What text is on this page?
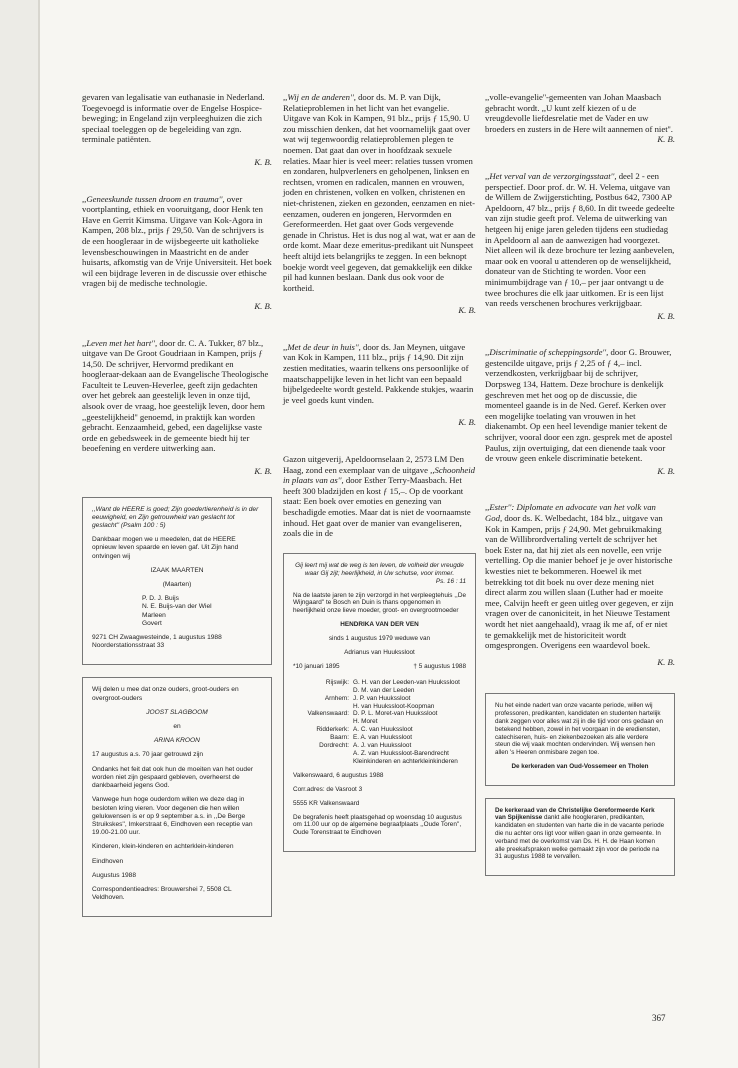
gevaren van legalisatie van euthanasie in Nederland. Toegevoegd is informatie over de Engelse Hospice-beweging; in Engeland zijn verpleeghuizen die zich speciaal toeleggen op de begeleiding van zgn. terminale patiënten.

K. B.

,,Geneeskunde tussen droom en trauma'', over voortplanting, ethiek en vooruitgang, door Henk ten Have en Gerrit Kimsma. Uitgave van Kok-Agora in Kampen, 208 blz., prijs ƒ 29,50. Van de schrijvers is de een hoogleraar in de wijsbegeerte uit katholieke levensbeschouwingen in Maastricht en de ander huisarts, afkomstig van de Vrije Universiteit. Het boek wil een bijdrage leveren in de discussie over ethische vragen bij de medische technologie.

K. B.

,,Leven met het hart'', door dr. C. A. Tukker, 87 blz., uitgave van De Groot Goudriaan in Kampen, prijs ƒ 14,50. De schrijver, Hervormd predikant en hoogleraar-dekaan aan de Evangelische Theologische Faculteit te Leuven-Heverlee, geeft zijn gedachten over het gebrek aan geestelijk leven in onze tijd, alsook over de vraag, hoe geestelijk leven, door hem ,,geestelijkheid'' genoemd, in praktijk kan worden gebracht. Eenzaamheid, gebed, een dagelijkse vaste orde en gebedsweek in de gemeente biedt hij ter beoefening en verdere uitwerking aan.

K. B.

,,Want de HEERE is goed; Zijn goedertierenheid is in der eeuwigheid, en Zijn getrouwheid van geslacht tot geslacht'' (Psalm 100 : 5)

Dankbaar mogen we u meedelen, dat de HEERE opnieuw leven spaarde en leven gaf. Uit Zijn hand ontvingen wij

IZAAK MAARTEN

(Maarten)

P. D. J. Buijs
N. E. Buijs-van der Wiel
Marleen
Govert

9271 CH Zwaagwesteinde, 1 augustus 1988 Noorderstationsstraat 33

Wij delen u mee dat onze ouders, groot-ouders en overgroot-ouders

JOOST SLAGBOOM

en

ARINA KROON

17 augustus a.s. 70 jaar getrouwd zijn

Ondanks het feit dat ook hun de moeiten van het ouder worden niet zijn gespaard gebleven, overheerst de dankbaarheid jegens God.

Vanwege hun hoge ouderdom willen we deze dag in besloten kring vieren. Voor degenen die hen willen gelukwensen is er op 9 september a.s. in ,,De Berge Struikskes'', Imkerstraat 6, Eindhoven een receptie van 19.00-21.00 uur.

Kinderen, klein-kinderen en achterklein-kinderen

Eindhoven

Augustus 1988

Correspondentieadres: Brouwershei 7, 5508 CL Veldhoven.

,,Wij en de anderen'', door ds. M. P. van Dijk, Relatieproblemen in het licht van het evangelie. Uitgave van Kok in Kampen, 91 blz., prijs ƒ 15,90. U zou misschien denken, dat het voornamelijk gaat over wat wij tegenwoordig relatieproblemen plegen te noemen. Dat gaat dan over in hoofdzaak sexuele relaties. Maar hier is veel meer: relaties tussen vromen en zondaren, hulpverleners en geholpenen, linksen en rechtsen, vromen en radicalen, mannen en vrouwen, joden en christenen, volken en volken, christenen en niet-christenen, zieken en gezonden, eenzamen en niet-eenzamen, ouderen en jongeren, Hervormden en Gereformeerden. Het gaat over Gods vergevende genade in Christus. Het is dus nog al wat, wat er aan de orde komt. Maar deze emeritus-predikant uit Nunspeet heeft altijd iets belangrijks te zeggen. In een beknopt boekje wordt veel gegeven, dat gemakkelijk een dikke pil had kunnen beslaan. Dank dus ook voor de kortheid.

K. B.

,,Met de deur in huis'', door ds. Jan Meynen, uitgave van Kok in Kampen, 111 blz., prijs ƒ 14,90. Dit zijn zestien meditaties, waarin telkens ons persoonlijke of maatschappelijke leven in het licht van een bepaald bijbelgedeelte wordt gesteld. Pakkende stukjes, waarin je veel goeds kunt vinden.

K. B.

Gazon uitgeverij, Apeldoornselaan 2, 2573 LM Den Haag, zond een exemplaar van de uitgave ,,Schoonheid in plaats van as'', door Esther Terry-Maasbach. Het heeft 300 bladzijden en kost ƒ 15,–. Op de voorkant staat: Een boek over emoties en genezing van beschadigde emoties. Maar dat is niet de voornaamste inhoud. Het gaat over de manier van evangeliseren, zoals die in de

Gij leert mij wat de weg is ten leven, de volheid der vreugde waar Gij zijt; heerlijkheid, in Uw schutse, voor immer.

Ps. 16 : 11

Na de laatste jaren te zijn verzorgd in het verpleegtehuis ,,De Wijngaard'' te Bosch en Duin is thans opgenomen in heerlijkheid onze lieve moeder, groot- en overgrootmoeder

HENDRIKA VAN DER VEN

sinds 1 augustus 1979 weduwe van

Adrianus van Huukssloot

*10 januari 1895	† 5 augustus 1988
Rijswijk: G. H. van der Leeden-van Huukssloot
D. M. van der Leeden
Arnhem: J. P. van Huukssloot
H. van Huukssloot-Koopman
Valkenswaard: D. P. L. Moret-van Huukssloot
H. Moret
Ridderkerk: A. C. van Huukssloot
Baarn: E. A. van Huukssloot
Dordrecht: A. J. van Huukssloot
A. Z. van Huukssloot-Barendrecht
Kleinkinderen en achterkleinkinderen

Valkenswaard, 6 augustus 1988

Corr.adres: de Vasroot 3

5555 KR Valkenswaard

De begrafenis heeft plaatsgehad op woensdag 10 augustus om 11.00 uur op de algemene begraafplaats ,,Oude Toren'', Oude Torenstraat te Eindhoven

,,volle-evangelie''-gemeenten van Johan Maasbach gebracht wordt. ,,U kunt zelf kiezen of u de vreugdevolle liefdesrelatie met de Vader en uw broeders en zusters in de Here wilt aannemen of niet''.

K. B.

,,Het verval van de verzorgingsstaat'', deel 2 - een perspectief. Door prof. dr. W. H. Velema, uitgave van de Willem de Zwijgerstichting, Postbus 642, 7300 AP Apeldoorn, 47 blz., prijs ƒ 8,60. In dit tweede gedeelte van zijn studie geeft prof. Velema de uitwerking van hetgeen hij enige jaren geleden tijdens een studiedag in Apeldoorn al aan de aanwezigen had voorgezet. Niet alleen wil ik deze brochure ter lezing aanbevelen, maar ook en vooral u attenderen op de wenselijkheid, donateur van de Stichting te worden. Voor een minimumbijdrage van ƒ 10,– per jaar ontvangt u de twee brochures die elk jaar uitkomen. Er is een lijst van reeds verschenen brochures verkrijgbaar.

K. B.

,,Discriminatie of scheppingsorde'', door G. Brouwer, gestencilde uitgave, prijs ƒ 2,25 of ƒ 4,– incl. verzendkosten, verkrijgbaar bij de schrijver, Dorpsweg 134, Hattem. Deze brochure is denkelijk geschreven met het oog op de discussie, die momenteel gaande is in de Ned. Geref. Kerken over een mogelijke toelating van vrouwen in het diakenambt. Op een heel levendige manier tekent de schrijver, vooral door een zgn. gesprek met de apostel Paulus, zijn overtuiging, dat een dienende taak voor de vrouw geen enkele discriminatie betekent.

K. B.

,,Ester'': Diplomate en advocate van het volk van God, door ds. K. Welbedacht, 184 blz., uitgave van Kok in Kampen, prijs ƒ 24,90. Met gebruikmaking van de Willibrordvertaling vertelt de schrijver het boek Ester na, dat hij ziet als een novelle, een vrije vertelling. Op die manier behoef je je over historische kwesties niet te bekommeren. Hoewel ik met betrekking tot dit boek nu over deze mening niet direct alarm zou willen slaan (Luther had er moeite mee, Calvijn heeft er geen uitleg over gegeven, er zijn vragen over de canoniciteit, in het Nieuwe Testament wordt het niet aangehaald), vraag ik me af, of er niet te gemakkelijk met de historiciteit wordt omgesprongen. Overigens een waardevol boek.

K. B.

Nu het einde nadert van onze vacante periode, willen wij professoren, predikanten, kandidaten en studenten hartelijk dank zeggen voor alles wat zij in die tijd voor ons gedaan en betekend hebben, zowel in het voorgaan in de erediensten, catechiseren, huis- en ziekenbezoeken als alle verdere steun die wij vaak mochten ondervinden. Wij wensen hen allen 's Heeren onmisbare zegen toe.

De kerkeraden van Oud-Vossemeer en Tholen

De kerkeraad van de Christelijke Gereformeerde Kerk van Spijkenisse dankt alle hoogleraren, predikanten, kandidaten en studenten van harte die in de vacante periode die nu achter ons ligt voor willen gaan in onze gemeente. In verband met de overkomst van Ds. H. H. de Haan komen alle preekafspraken welke gemaakt zijn voor de periode na 31 augustus 1988 te vervallen.

367
